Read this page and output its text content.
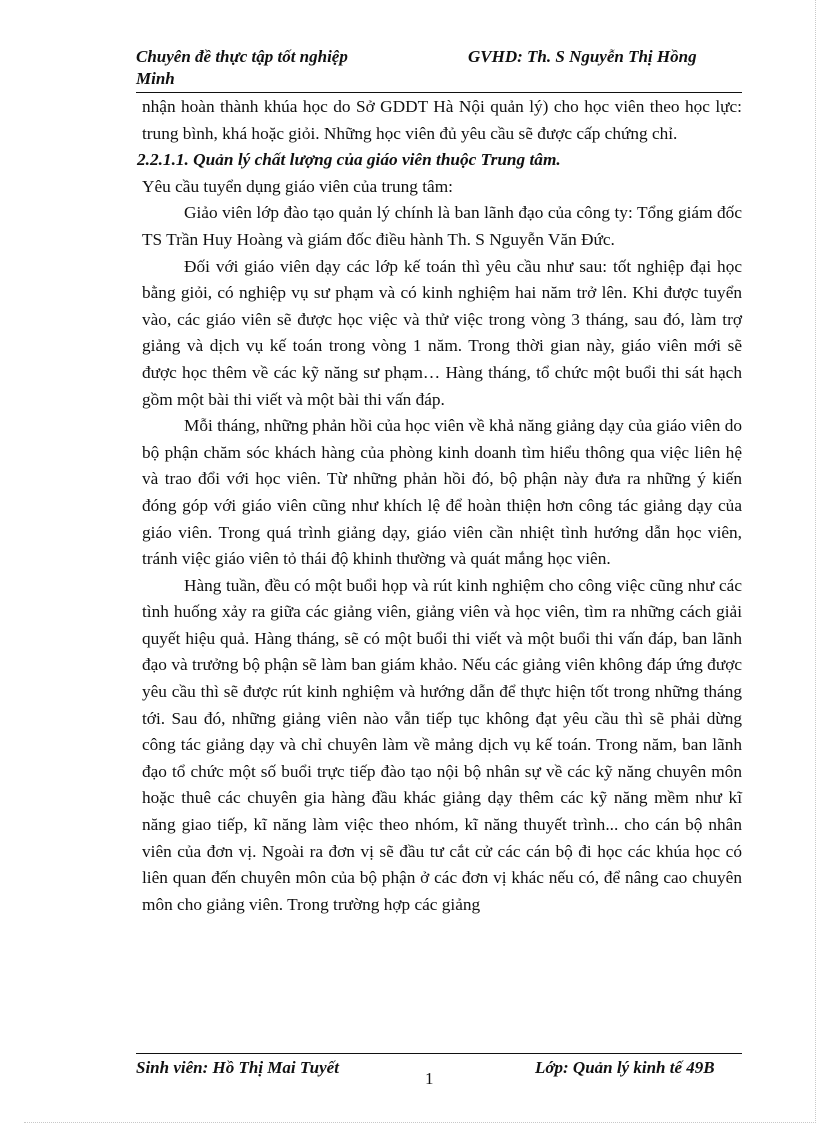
Chuyên đề thực tập tốt nghiệp
Minh
GVHD: Th. S Nguyễn Thị Hồng

nhận hoàn thành khúa học do Sở GDDT Hà Nội quản lý) cho học viên theo học lực: trung bình, khá hoặc giỏi. Những học viên đủ yêu cầu sẽ được cấp chứng chỉ.

2.2.1.1. Quản lý chất lượng của giáo viên thuộc Trung tâm.

Yêu cầu tuyển dụng giáo viên của trung tâm:

Giảo viên lớp đào tạo quản lý chính là ban lãnh đạo của công ty: Tổng giám đốc TS Trần Huy Hoàng và giám đốc điều hành Th. S Nguyễn Văn Đức.

Đối với giáo viên dạy các lớp kế toán thì yêu cầu như sau: tốt nghiệp đại học bằng giỏi, có nghiệp vụ sư phạm và có kinh nghiệm hai năm trở lên. Khi được tuyển vào, các giáo viên sẽ được học việc và thử việc trong vòng 3 tháng, sau đó, làm trợ giảng và dịch vụ kế toán trong vòng 1 năm. Trong thời gian này, giáo viên mới sẽ được học thêm về các kỹ năng sư phạm… Hàng tháng, tổ chức một buổi thi sát hạch gồm một bài thi viết và một bài thi vấn đáp.

Mỗi tháng, những phản hồi của học viên về khả năng giảng dạy của giáo viên do bộ phận chăm sóc khách hàng của phòng kinh doanh tìm hiểu thông qua việc liên hệ và trao đổi với học viên. Từ những phản hồi đó, bộ phận này đưa ra những ý kiến đóng góp với giáo viên cũng như khích lệ để hoàn thiện hơn công tác giảng dạy của giáo viên. Trong quá trình giảng dạy, giáo viên cần nhiệt tình hướng dẫn học viên, tránh việc giáo viên tỏ thái độ khinh thường và quát mắng học viên.

Hàng tuần, đều có một buổi họp và rút kinh nghiệm cho công việc cũng như các tình huống xảy ra giữa các giảng viên, giảng viên và học viên, tìm ra những cách giải quyết hiệu quả. Hàng tháng, sẽ có một buổi thi viết và một buổi thi vấn đáp, ban lãnh đạo và trưởng bộ phận sẽ làm ban giám khảo. Nếu các giảng viên không đáp ứng được yêu cầu thì sẽ được rút kinh nghiệm và hướng dẫn để thực hiện tốt trong những tháng tới. Sau đó, những giảng viên nào vẫn tiếp tục không đạt yêu cầu thì sẽ phải dừng công tác giảng dạy và chỉ chuyên làm về mảng dịch vụ kế toán. Trong năm, ban lãnh đạo tổ chức một số buổi trực tiếp đào tạo nội bộ nhân sự về các kỹ năng chuyên môn hoặc thuê các chuyên gia hàng đầu khác giảng dạy thêm các kỹ năng mềm như kĩ năng giao tiếp, kĩ năng làm việc theo nhóm, kĩ năng thuyết trình... cho cán bộ nhân viên của đơn vị. Ngoài ra đơn vị sẽ đầu tư cắt cử các cán bộ đi học các khúa học có liên quan đến chuyên môn của bộ phận ở các đơn vị khác nếu có, để nâng cao chuyên môn cho giảng viên. Trong trường hợp các giảng

Sinh viên: Hồ Thị Mai Tuyết
1
Lớp: Quản lý kinh tế 49B
